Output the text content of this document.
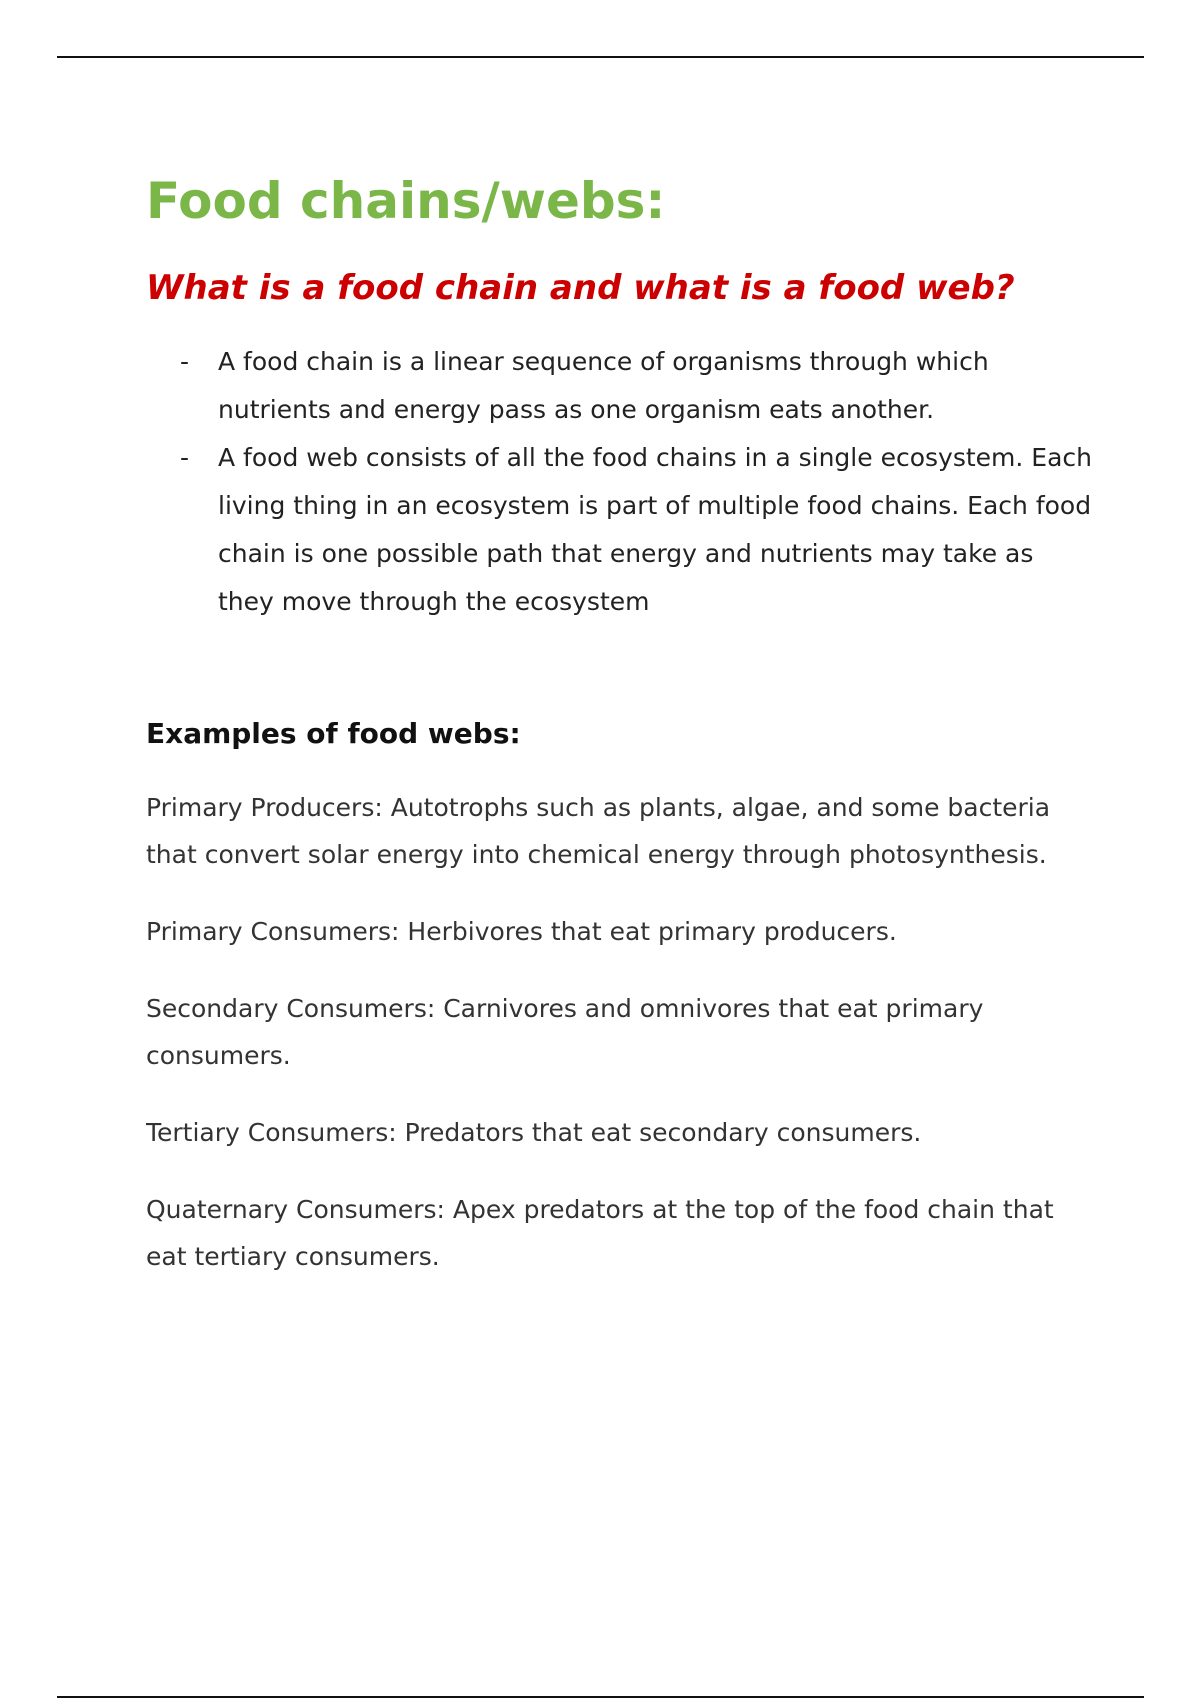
Food chains/webs:
What is a food chain and what is a food web?
- A food chain is a linear sequence of organisms through which nutrients and energy pass as one organism eats another.
- A food web consists of all the food chains in a single ecosystem. Each living thing in an ecosystem is part of multiple food chains. Each food chain is one possible path that energy and nutrients may take as they move through the ecosystem
Examples of food webs:

Primary Producers: Autotrophs such as plants, algae, and some bacteria that convert solar energy into chemical energy through photosynthesis.

Primary Consumers: Herbivores that eat primary producers.

Secondary Consumers: Carnivores and omnivores that eat primary consumers.

Tertiary Consumers: Predators that eat secondary consumers.

Quaternary Consumers: Apex predators at the top of the food chain that eat tertiary consumers.
